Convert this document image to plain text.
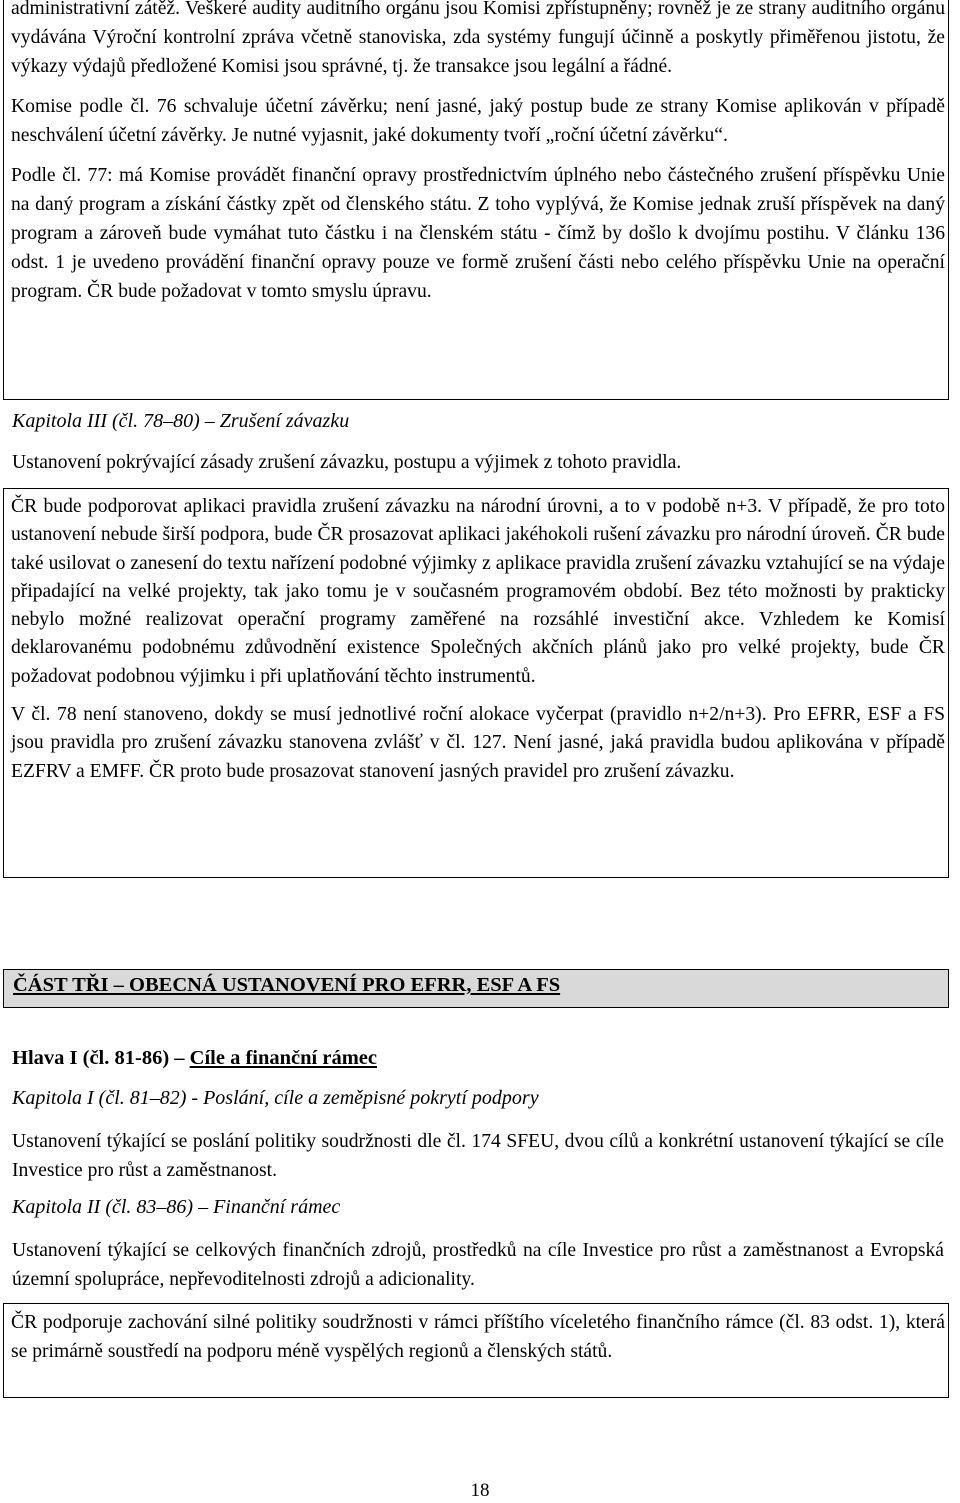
administrativní zátěž. Veškeré audity auditního orgánu jsou Komisi zpřístupněny; rovněž je ze strany auditního orgánu vydávána Výroční kontrolní zpráva včetně stanoviska, zda systémy fungují účinně a poskytly přiměřenou jistotu, že výkazy výdajů předložené Komisi jsou správné, tj. že transakce jsou legální a řádné.

Komise podle čl. 76 schvaluje účetní závěrku; není jasné, jaký postup bude ze strany Komise aplikován v případě neschválení účetní závěrky. Je nutné vyjasnit, jaké dokumenty tvoří „roční účetní závěrku“.

Podle čl. 77: má Komise provádět finanční opravy prostřednictvím úplného nebo částečného zrušení příspěvku Unie na daný program a získání částky zpět od členského státu. Z toho vyplývá, že Komise jednak zruší příspěvek na daný program a zároveň bude vymáhat tuto částku i na členském státu - čímž by došlo k dvojímu postihu. V článku 136 odst. 1 je uvedeno provádění finanční opravy pouze ve formě zrušení části nebo celého příspěvku Unie na operační program. ČR bude požadovat v tomto smyslu úpravu.

Kapitola III (čl. 78–80) – Zrušení závazku

Ustanovení pokrývající zásady zrušení závazku, postupu a výjimek z tohoto pravidla.

ČR bude podporovat aplikaci pravidla zrušení závazku na národní úrovni, a to v podobě n+3. V případě, že pro toto ustanovení nebude širší podpora, bude ČR prosazovat aplikaci jakéhokoli rušení závazku pro národní úroveň. ČR bude také usilovat o zanesení do textu nařízení podobné výjimky z aplikace pravidla zrušení závazku vztahující se na výdaje připadající na velké projekty, tak jako tomu je v současném programovém období. Bez této možnosti by prakticky nebylo možné realizovat operační programy zaměřené na rozsáhlé investiční akce. Vzhledem ke Komisí deklarovanému podobnému zdůvodnění existence Společných akčních plánů jako pro velké projekty, bude ČR požadovat podobnou výjimku i při uplatňování těchto instrumentů.

V čl. 78 není stanoveno, dokdy se musí jednotlivé roční alokace vyčerpat (pravidlo n+2/n+3). Pro EFRR, ESF a FS jsou pravidla pro zrušení závazku stanovena zvlášť v čl. 127. Není jasné, jaká pravidla budou aplikována v případě EZFRV a EMFF. ČR proto bude prosazovat stanovení jasných pravidel pro zrušení závazku.

ČÁST TŘI – OBECNÁ USTANOVENÍ PRO EFRR, ESF A FS
Hlava I (čl. 81-86) – Cíle a finanční rámec
Kapitola I (čl. 81–82) - Poslání, cíle a zeměpisné pokrytí podpory

Ustanovení týkající se poslání politiky soudržnosti dle čl. 174 SFEU, dvou cílů a konkrétní ustanovení týkající se cíle Investice pro růst a zaměstnanost.

Kapitola II (čl. 83–86) – Finanční rámec

Ustanovení týkající se celkových finančních zdrojů, prostředků na cíle Investice pro růst a zaměstnanost a Evropská územní spolupráce, nepřevoditelnosti zdrojů a adicionality.

ČR podporuje zachování silné politiky soudržnosti v rámci příštího víceletého finančního rámce (čl. 83 odst. 1), která se primárně soustředí na podporu méně vyspělých regionů a členských států.

18
